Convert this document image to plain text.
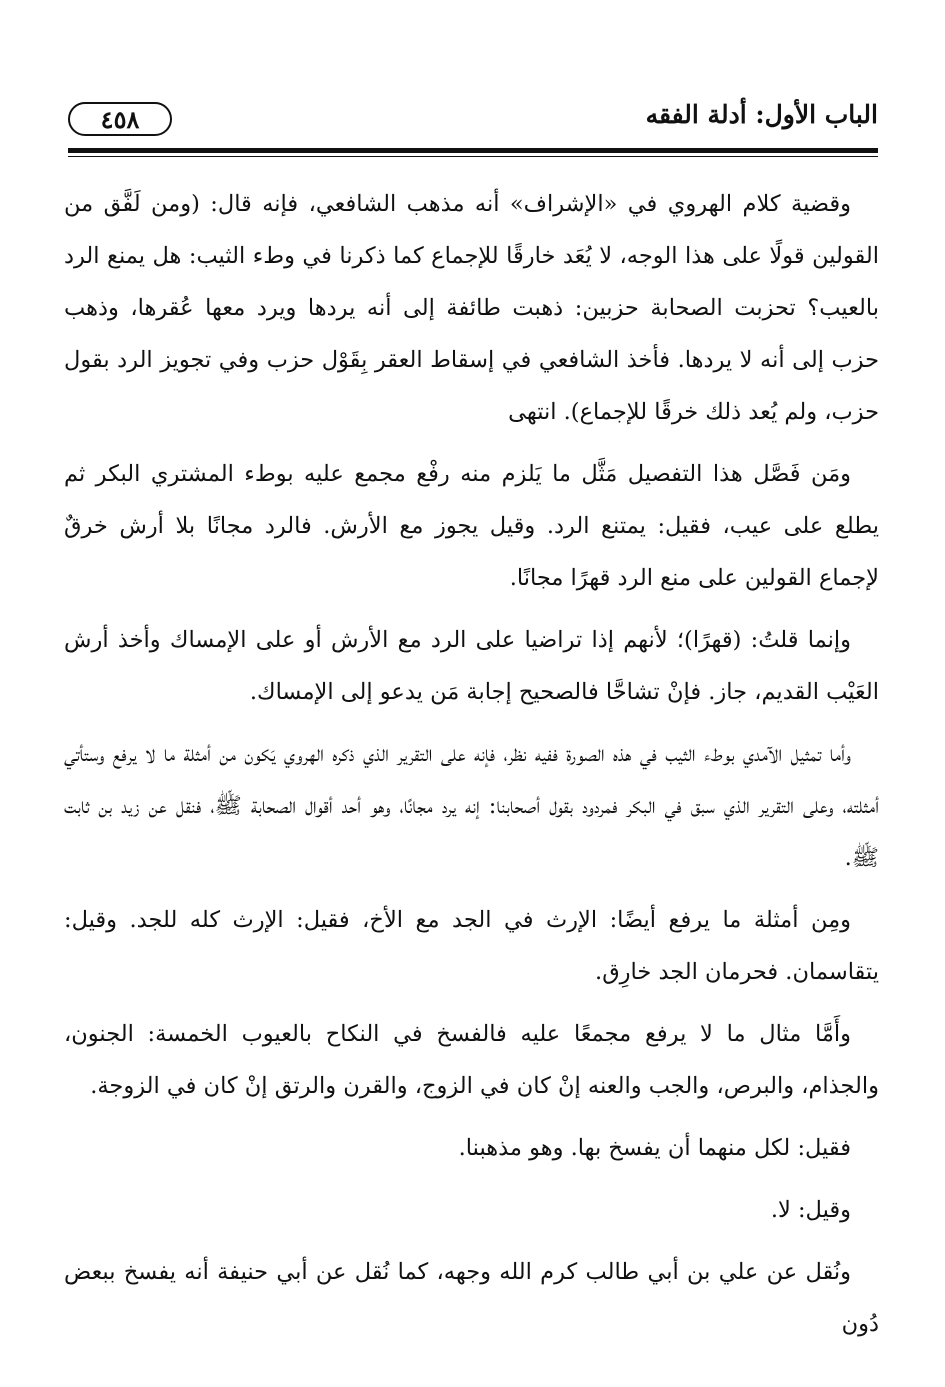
٤٥٨	الباب الأول: أدلة الفقه

وقضية كلام الهروي في «الإشراف» أنه مذهب الشافعي، فإنه قال: (ومن لَفَّق من القولين قولًا على هذا الوجه، لا يُعَد خارقًا للإجماع كما ذكرنا في وطء الثيب: هل يمنع الرد بالعيب؟ تحزبت الصحابة حزبين: ذهبت طائفة إلى أنه يردها ويرد معها عُقرها، وذهب حزب إلى أنه لا يردها. فأخذ الشافعي في إسقاط العقر بِقَوْل حزب وفي تجويز الرد بقول حزب، ولم يُعد ذلك خرقًا للإجماع). انتهى

ومَن فَصَّل هذا التفصيل مَثَّل ما يَلزم منه رفْع مجمع عليه بوطء المشتري البكر ثم يطلع على عيب، فقيل: يمتنع الرد. وقيل يجوز مع الأرش. فالرد مجانًا بلا أرش خرقٌ لإجماع القولين على منع الرد قهرًا مجانًا.

وإنما قلتُ: (قهرًا)؛ لأنهم إذا تراضيا على الرد مع الأرش أو على الإمساك وأخذ أرش العَيْب القديم، جاز. فإنْ تشاحَّا فالصحيح إجابة مَن يدعو إلى الإمساك.

وأما تمثيل الآمدي بوطء الثيب في هذه الصورة ففيه نظر، فإنه على التقرير الذي ذكره الهروي يَكون من أمثلة ما لا يرفع وستأتي أمثلته، وعلى التقرير الذي سبق في البكر فمردود بقول أصحابنا: إنه يرد مجانًا، وهو أحد أقوال الصحابة ﷺ، فنقل عن زيد بن ثابت ﷺ.

ومِن أمثلة ما يرفع أيضًا: الإرث في الجد مع الأخ، فقيل: الإرث كله للجد. وقيل: يتقاسمان. فحرمان الجد خارِق.

وأَمَّا مثال ما لا يرفع مجمعًا عليه فالفسخ في النكاح بالعيوب الخمسة: الجنون، والجذام، والبرص، والجب والعنه إنْ كان في الزوج، والقرن والرتق إنْ كان في الزوجة.

فقيل: لكل منهما أن يفسخ بها. وهو مذهبنا.

وقيل: لا.

ونُقل عن علي بن أبي طالب كرم الله وجهه، كما نُقل عن أبي حنيفة أنه يفسخ ببعض دُون
